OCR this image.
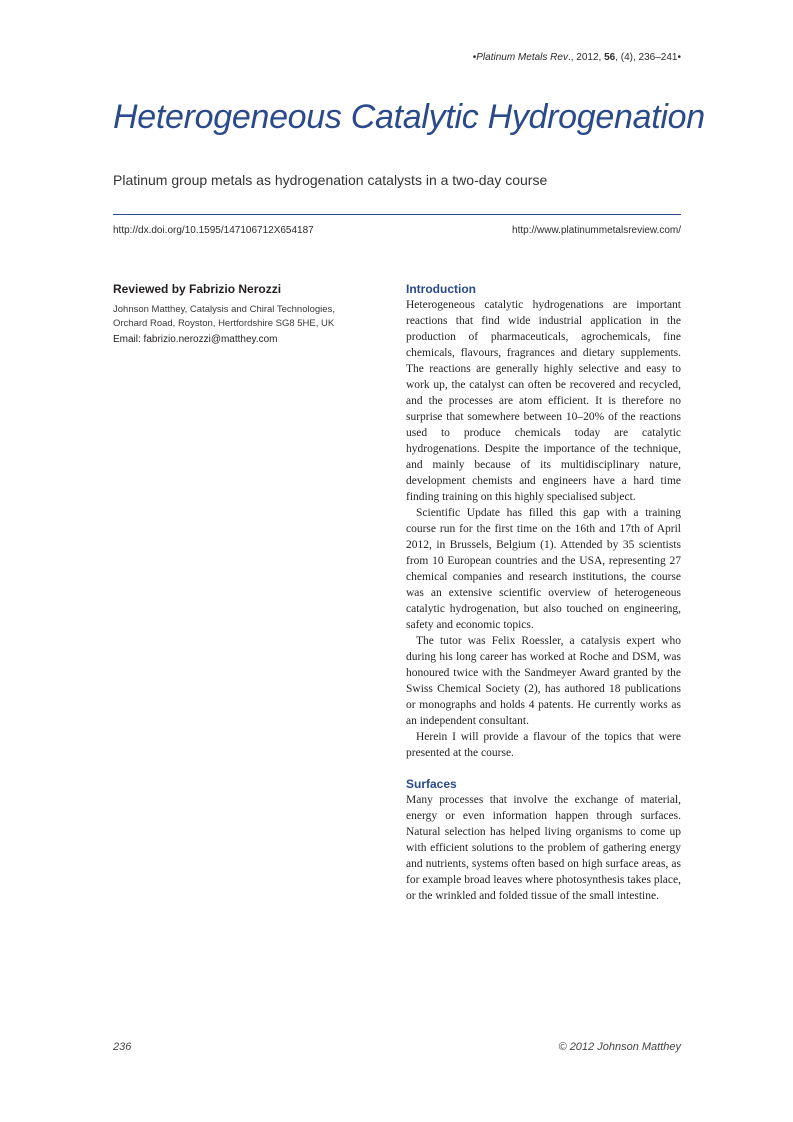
•Platinum Metals Rev., 2012, 56, (4), 236–241•
Heterogeneous Catalytic Hydrogenation
Platinum group metals as hydrogenation catalysts in a two-day course
http://dx.doi.org/10.1595/147106712X654187	http://www.platinummetalsreview.com/

Reviewed by Fabrizio Nerozzi

Johnson Matthey, Catalysis and Chiral Technologies,
Orchard Road, Royston, Hertfordshire SG8 5HE, UK

Email: fabrizio.nerozzi@matthey.com
Introduction

Heterogeneous catalytic hydrogenations are important reactions that find wide industrial application in the production of pharmaceuticals, agrochemicals, fine chemicals, flavours, fragrances and dietary supplements. The reactions are generally highly selective and easy to work up, the catalyst can often be recovered and recycled, and the processes are atom efficient. It is therefore no surprise that somewhere between 10–20% of the reactions used to produce chemicals today are catalytic hydrogenations. Despite the importance of the technique, and mainly because of its multidisciplinary nature, development chemists and engineers have a hard time finding training on this highly specialised subject.

Scientific Update has filled this gap with a training course run for the first time on the 16th and 17th of April 2012, in Brussels, Belgium (1). Attended by 35 scientists from 10 European countries and the USA, representing 27 chemical companies and research institutions, the course was an extensive scientific overview of heterogeneous catalytic hydrogenation, but also touched on engineering, safety and economic topics.

The tutor was Felix Roessler, a catalysis expert who during his long career has worked at Roche and DSM, was honoured twice with the Sandmeyer Award granted by the Swiss Chemical Society (2), has authored 18 publications or monographs and holds 4 patents. He currently works as an independent consultant.

Herein I will provide a flavour of the topics that were presented at the course.

Surfaces

Many processes that involve the exchange of material, energy or even information happen through surfaces. Natural selection has helped living organisms to come up with efficient solutions to the problem of gathering energy and nutrients, systems often based on high surface areas, as for example broad leaves where photosynthesis takes place, or the wrinkled and folded tissue of the small intestine.

236	© 2012 Johnson Matthey
